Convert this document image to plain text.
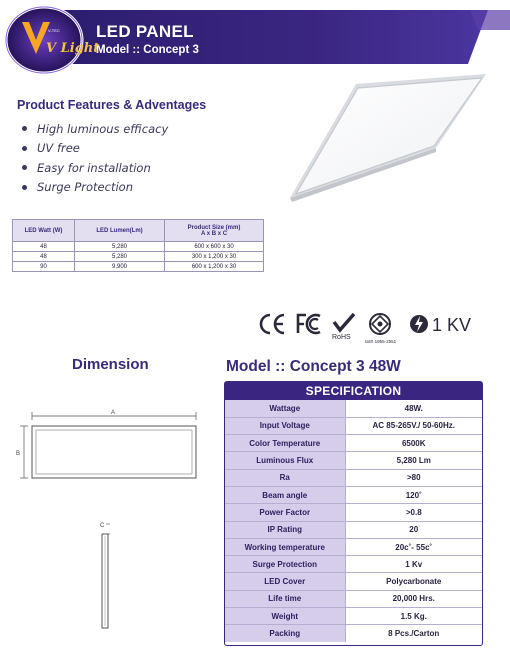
LED PANEL
Model :: Concept 3
V Light
V-TEC
Product Features & Adventages
High luminous efficacy
UV free
Easy for installation
Surge Protection
LED Watt (W)	LED Lumen(Lm)	Product Size (mm)
A x B x C

48	5,280	600 x 600 x 30
48	5,280	300 x 1,200 x 30
90	9,900	600 x 1,200 x 30
RoHS
มอก.1955-2551
1 KV
Dimension
A
B
C
Model :: Concept 3 48W
SPECIFICATION
Wattage	48W.
Input Voltage	AC 85-265V./ 50-60Hz.
Color Temperature	6500K
Luminous Flux	5,280 Lm
Ra	>80
Beam angle	120˚
Power Factor	>0.8
IP Rating	20
Working temperature	20c˚- 55c˚
Surge Protection	1 Kv
LED Cover	Polycarbonate
Life time	20,000 Hrs.
Weight	1.5 Kg.
Packing	8 Pcs./Carton
